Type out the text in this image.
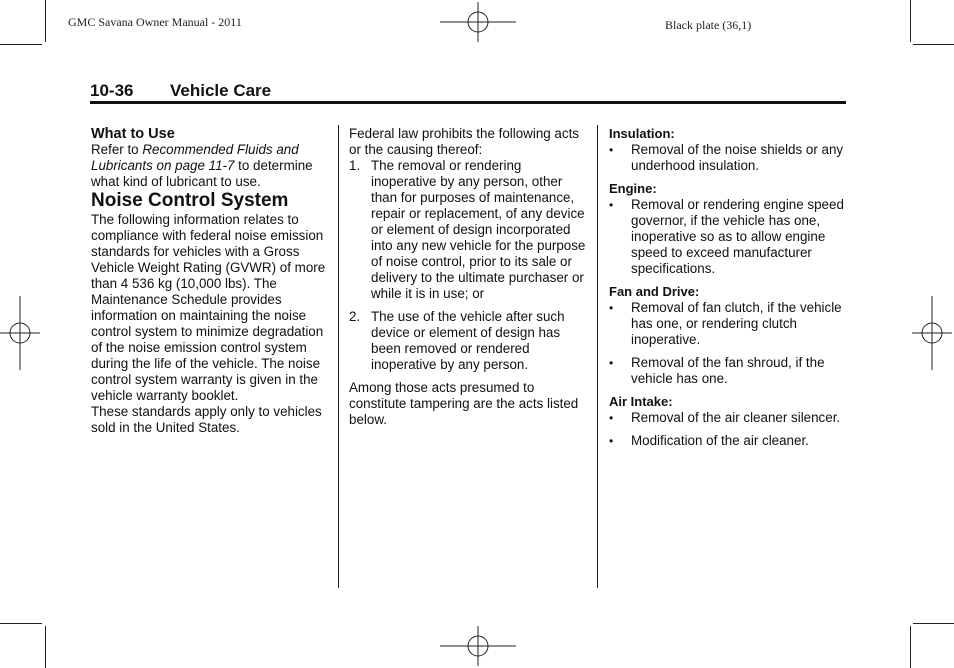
GMC Savana Owner Manual - 2011	Black plate (36,1)
10-36 Vehicle Care

What to Use

Refer to Recommended Fluids and Lubricants on page 11-7 to determine what kind of lubricant to use.

Noise Control System

The following information relates to compliance with federal noise emission standards for vehicles with a Gross Vehicle Weight Rating (GVWR) of more than 4 536 kg (10,000 lbs). The Maintenance Schedule provides information on maintaining the noise control system to minimize degradation of the noise emission control system during the life of the vehicle. The noise control system warranty is given in the vehicle warranty booklet.

These standards apply only to vehicles sold in the United States.

Federal law prohibits the following acts or the causing thereof:

1. The removal or rendering inoperative by any person, other than for purposes of maintenance, repair or replacement, of any device or element of design incorporated into any new vehicle for the purpose of noise control, prior to its sale or delivery to the ultimate purchaser or while it is in use; or
2. The use of the vehicle after such device or element of design has been removed or rendered inoperative by any person.

Among those acts presumed to constitute tampering are the acts listed below.

Insulation:

• Removal of the noise shields or any underhood insulation.

Engine:

• Removal or rendering engine speed governor, if the vehicle has one, inoperative so as to allow engine speed to exceed manufacturer specifications.

Fan and Drive:

• Removal of fan clutch, if the vehicle has one, or rendering clutch inoperative.
• Removal of the fan shroud, if the vehicle has one.

Air Intake:

• Removal of the air cleaner silencer.
• Modification of the air cleaner.
